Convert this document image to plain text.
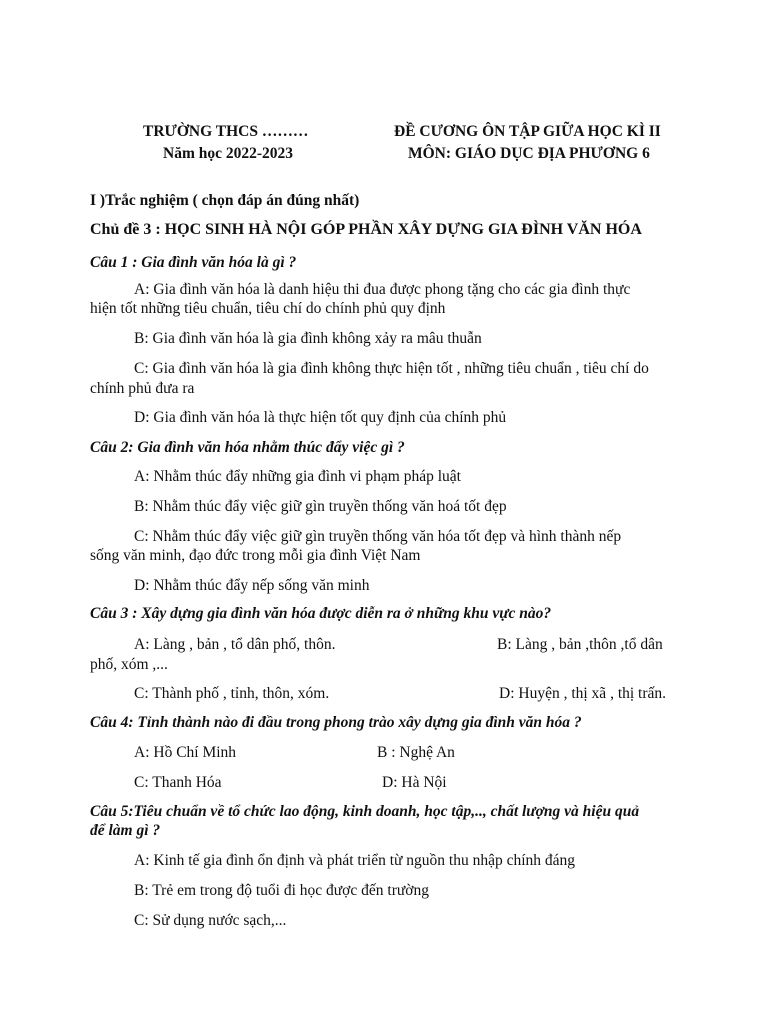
TRƯỜNG THCS ………
Năm học 2022-2023
ĐỀ CƯƠNG ÔN TẬP GIỮA HỌC KÌ II
MÔN: GIÁO DỤC ĐỊA PHƯƠNG 6
I )Trắc nghiệm ( chọn đáp án đúng nhất)
Chủ đề 3 : HỌC SINH HÀ NỘI GÓP PHẦN XÂY DỰNG GIA ĐÌNH VĂN HÓA
Câu 1 : Gia đình văn hóa là gì ?
A: Gia đình văn hóa là danh hiệu thi đua được phong tặng cho các gia đình thực
hiện tốt những tiêu chuẩn, tiêu chí do chính phủ quy định
B: Gia đình văn hóa là gia đình không xảy ra mâu thuẫn
C: Gia đình văn hóa là gia đình không thực hiện tốt , những tiêu chuẩn , tiêu chí do
chính phủ đưa ra
D: Gia đình văn hóa là thực hiện tốt quy định của chính phủ
Câu 2: Gia đình văn hóa nhằm thúc đẩy việc gì ?
A: Nhằm thúc đẩy những gia đình vi phạm pháp luật
B: Nhằm thúc đẩy việc giữ gìn truyền thống văn hoá tốt đẹp
C: Nhằm thúc đẩy việc giữ gìn truyền thống văn hóa tốt đẹp và hình thành nếp
sống văn minh, đạo đức trong mỗi gia đình Việt Nam
D: Nhằm thúc đẩy nếp sống văn minh
Câu 3 : Xây dựng gia đình văn hóa được diễn ra ở những khu vực nào?
A: Làng , bản , tổ dân phố, thôn.	B: Làng , bản ,thôn ,tổ dân
phố, xóm ,...
C: Thành phố , tỉnh, thôn, xóm.	D: Huyện , thị xã , thị trấn.
Câu 4: Tỉnh thành nào đi đầu trong phong trào xây dựng gia đình văn hóa ?
A: Hồ Chí Minh	B : Nghệ An
C: Thanh Hóa	D: Hà Nội
Câu 5:Tiêu chuẩn về tổ chức lao động, kinh doanh, học tập,.., chất lượng và hiệu quả
để làm gì ?
A: Kinh tế gia đình ổn định và phát triển từ nguồn thu nhập chính đáng
B: Trẻ em trong độ tuổi đi học được đến trường
C: Sử dụng nước sạch,...
